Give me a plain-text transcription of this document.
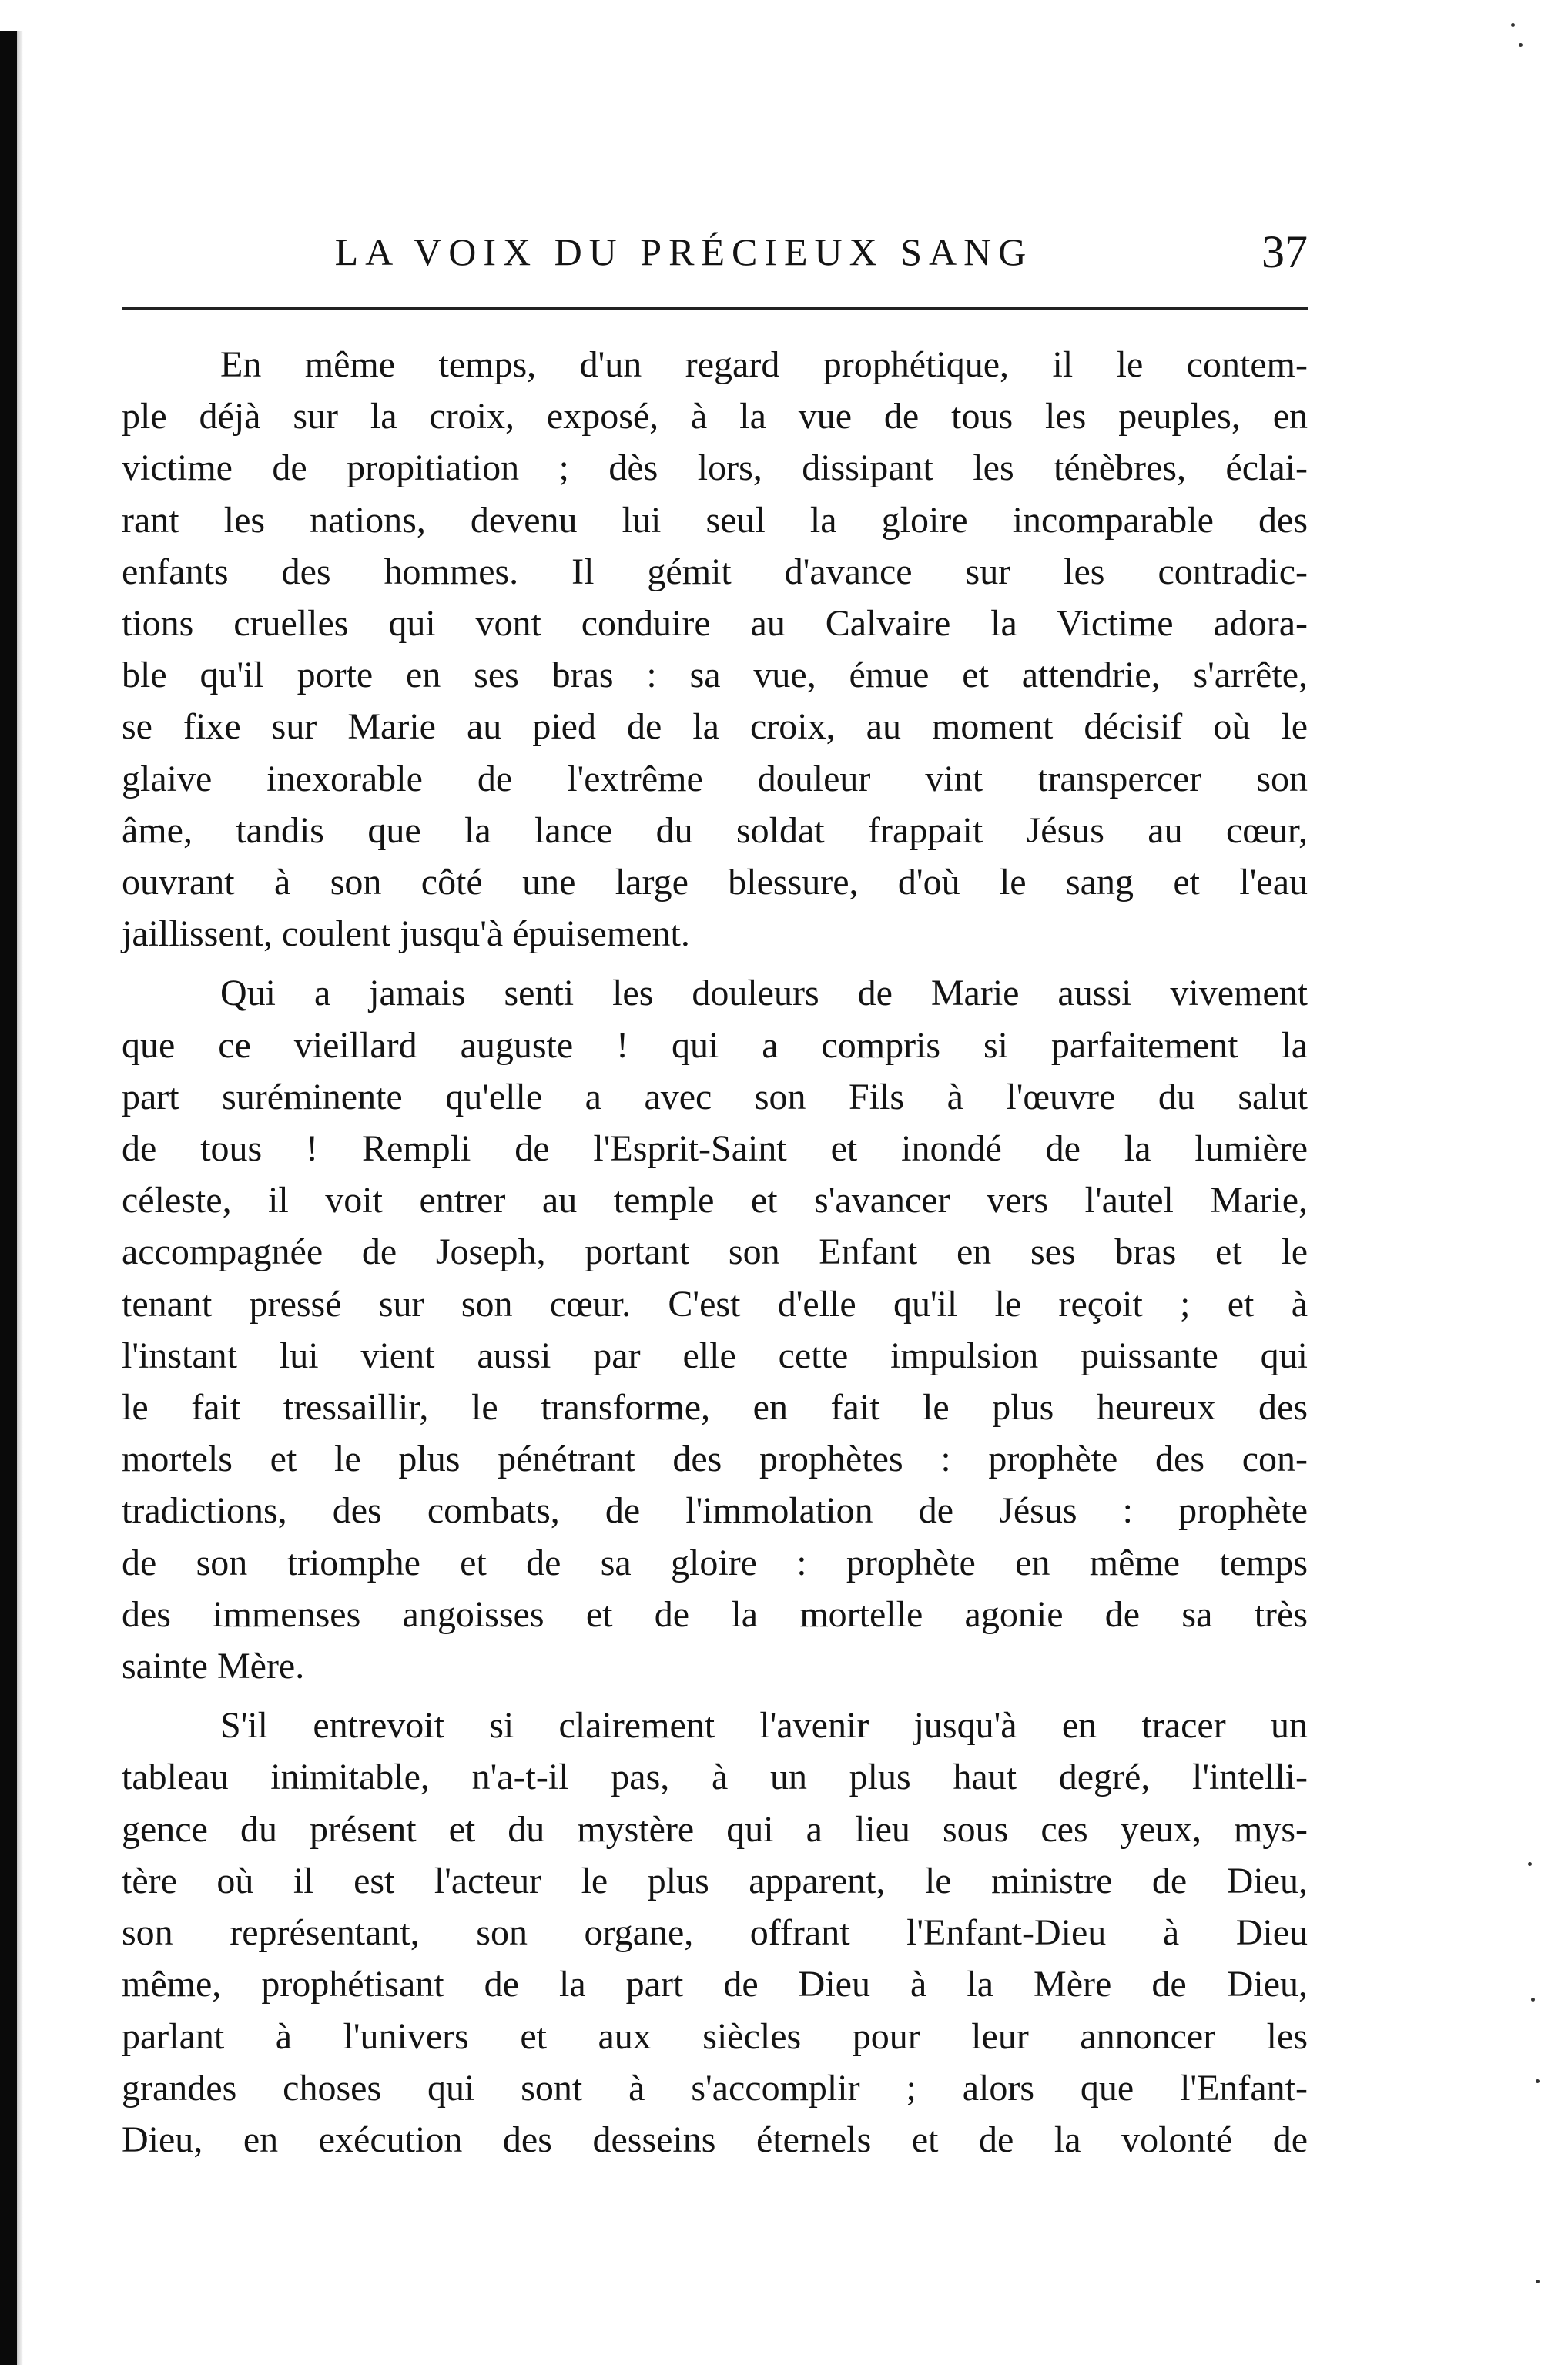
LA VOIX DU PRÉCIEUX SANG	37

En même temps, d'un regard prophétique, il le contem-
ple déjà sur la croix, exposé, à la vue de tous les peuples, en
victime de propitiation ; dès lors, dissipant les ténèbres, éclai-
rant les nations, devenu lui seul la gloire incomparable des
enfants des hommes. Il gémit d'avance sur les contradic-
tions cruelles qui vont conduire au Calvaire la Victime adora-
ble qu'il porte en ses bras : sa vue, émue et attendrie, s'arrête,
se fixe sur Marie au pied de la croix, au moment décisif où le
glaive inexorable de l'extrême douleur vint transpercer son
âme, tandis que la lance du soldat frappait Jésus au cœur,
ouvrant à son côté une large blessure, d'où le sang et l'eau
jaillissent, coulent jusqu'à épuisement.

Qui a jamais senti les douleurs de Marie aussi vivement
que ce vieillard auguste ! qui a compris si parfaitement la
part suréminente qu'elle a avec son Fils à l'œuvre du salut
de tous ! Rempli de l'Esprit-Saint et inondé de la lumière
céleste, il voit entrer au temple et s'avancer vers l'autel Marie,
accompagnée de Joseph, portant son Enfant en ses bras et le
tenant pressé sur son cœur. C'est d'elle qu'il le reçoit ; et à
l'instant lui vient aussi par elle cette impulsion puissante qui
le fait tressaillir, le transforme, en fait le plus heureux des
mortels et le plus pénétrant des prophètes : prophète des con-
tradictions, des combats, de l'immolation de Jésus : prophète
de son triomphe et de sa gloire : prophète en même temps
des immenses angoisses et de la mortelle agonie de sa très
sainte Mère.

S'il entrevoit si clairement l'avenir jusqu'à en tracer un
tableau inimitable, n'a-t-il pas, à un plus haut degré, l'intelli-
gence du présent et du mystère qui a lieu sous ces yeux, mys-
tère où il est l'acteur le plus apparent, le ministre de Dieu,
son représentant, son organe, offrant l'Enfant-Dieu à Dieu
même, prophétisant de la part de Dieu à la Mère de Dieu,
parlant à l'univers et aux siècles pour leur annoncer les
grandes choses qui sont à s'accomplir ; alors que l'Enfant-
Dieu, en exécution des desseins éternels et de la volonté de
